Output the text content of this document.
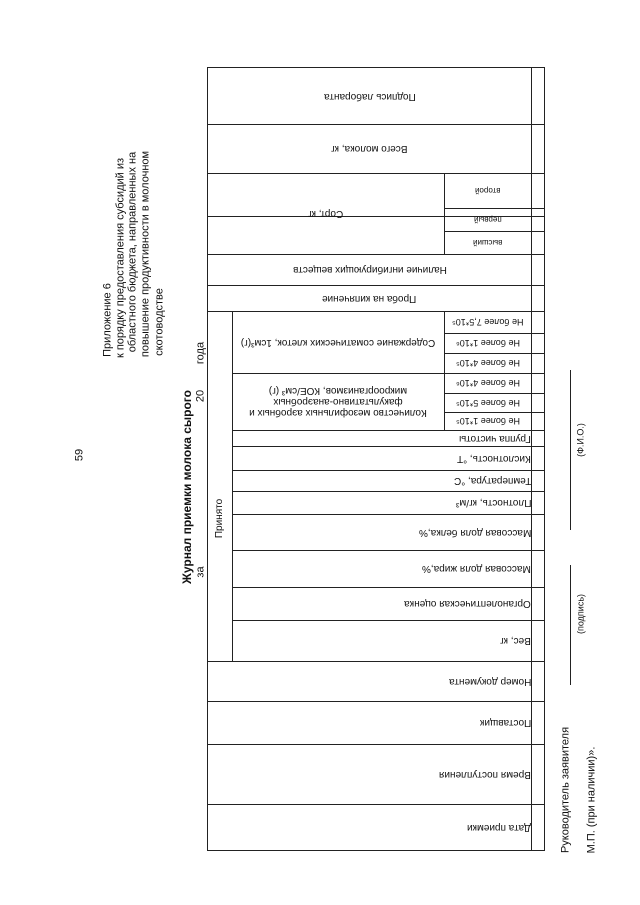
59
Приложение 6 к порядку предоставления субсидий из областного бюджета, направленных на повышение продуктивности в молочном скотоводстве
Журнал приемки молока сырого за
20
года
Подпись лаборанта
Всего молока, кг
Сорт, кг
второй
первый
высший
Наличие ингибирующих веществ
Проба на кипячение
Содержание соматических клеток, 1см³(г)
Не более 7,5*10⁵
Не более 1*10⁶
Не более 4*10⁵
Количество мезофильных аэробных и факультативно-анаэробных микроорганизмов, КОЕ/см³ (г)
Не более 4*10⁶
Не более 5*10⁵
Не более 1*10⁵
Группа чистоты
Кислотность, °Т
Температура, °С
Плотность, кг/м³
Массовая доля белка,%
Массовая доля жира,%
Органолептическая оценка
Вес, кг
Принято
Номер документа
Поставщик
Время поступления
Дата приемки	Руководитель заявителя
(подпись)
(Ф.И.О.)
М.П. (при наличии)».
